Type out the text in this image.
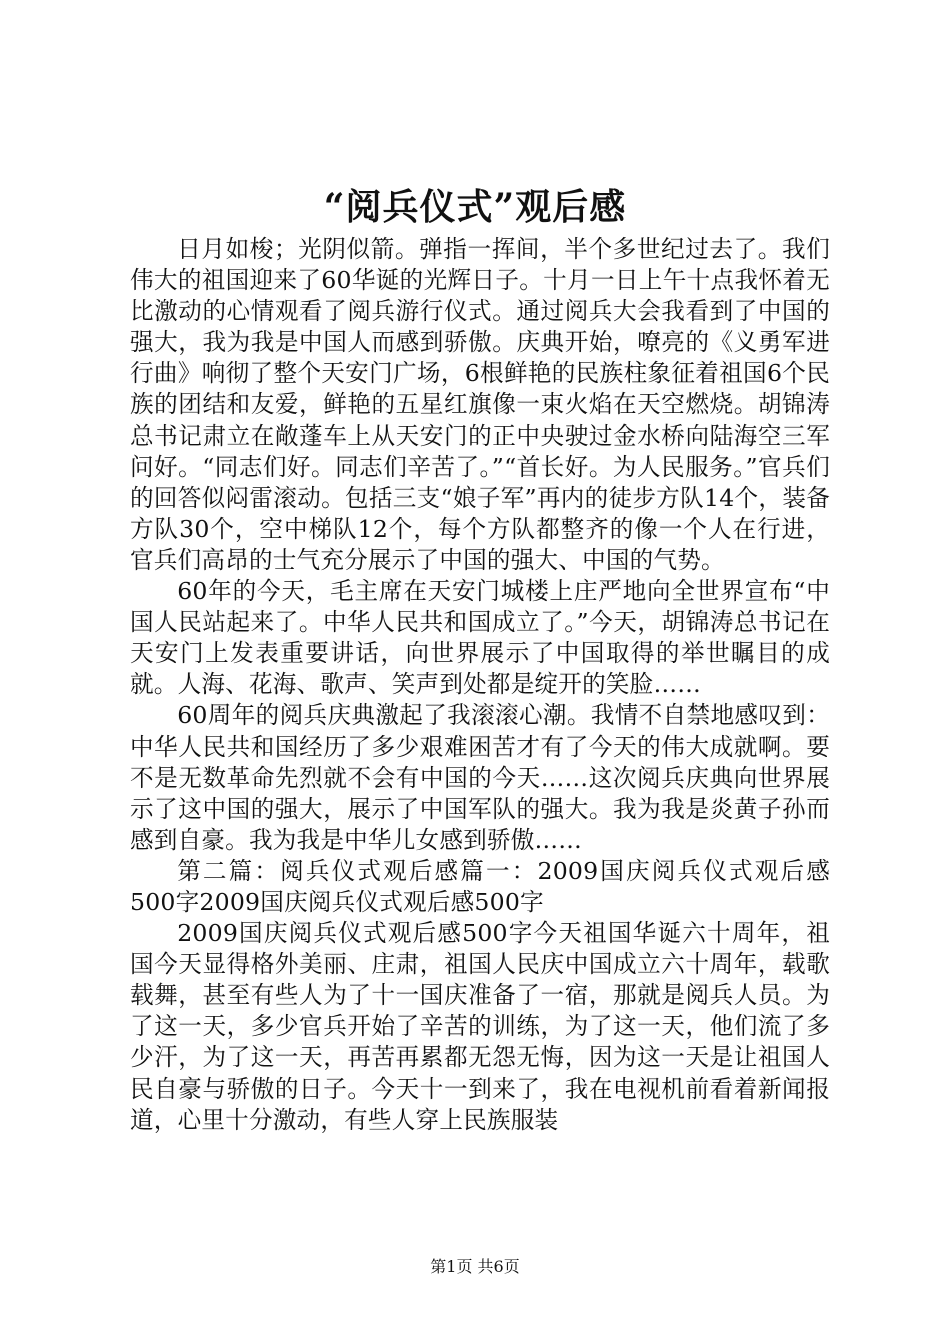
“阅兵仪式”观后感

日月如梭；光阴似箭。弹指一挥间，半个多世纪过去了。我们伟大的祖国迎来了60华诞的光辉日子。十月一日上午十点我怀着无比激动的心情观看了阅兵游行仪式。通过阅兵大会我看到了中国的强大，我为我是中国人而感到骄傲。庆典开始，嘹亮的《义勇军进行曲》响彻了整个天安门广场，6根鲜艳的民族柱象征着祖国6个民族的团结和友爱，鲜艳的五星红旗像一束火焰在天空燃烧。胡锦涛总书记肃立在敞蓬车上从天安门的正中央驶过金水桥向陆海空三军问好。“同志们好。同志们辛苦了。”“首长好。为人民服务。”官兵们的回答似闷雷滚动。包括三支“娘子军”再内的徒步方队14个，装备方队30个，空中梯队12个，每个方队都整齐的像一个人在行进，官兵们高昂的士气充分展示了中国的强大、中国的气势。

60年的今天，毛主席在天安门城楼上庄严地向全世界宣布“中国人民站起来了。中华人民共和国成立了。”今天，胡锦涛总书记在天安门上发表重要讲话，向世界展示了中国取得的举世瞩目的成就。人海、花海、歌声、笑声到处都是绽开的笑脸……

60周年的阅兵庆典激起了我滚滚心潮。我情不自禁地感叹到：中华人民共和国经历了多少艰难困苦才有了今天的伟大成就啊。要不是无数革命先烈就不会有中国的今天……这次阅兵庆典向世界展示了这中国的强大，展示了中国军队的强大。我为我是炎黄子孙而感到自豪。我为我是中华儿女感到骄傲……

第二篇：阅兵仪式观后感篇一：2009国庆阅兵仪式观后感500字2009国庆阅兵仪式观后感500字

2009国庆阅兵仪式观后感500字今天祖国华诞六十周年，祖国今天显得格外美丽、庄肃，祖国人民庆中国成立六十周年，载歌载舞，甚至有些人为了十一国庆准备了一宿，那就是阅兵人员。为了这一天，多少官兵开始了辛苦的训练，为了这一天，他们流了多少汗，为了这一天，再苦再累都无怨无悔，因为这一天是让祖国人民自豪与骄傲的日子。今天十一到来了，我在电视机前看着新闻报道，心里十分激动，有些人穿上民族服装

第1页 共6页
